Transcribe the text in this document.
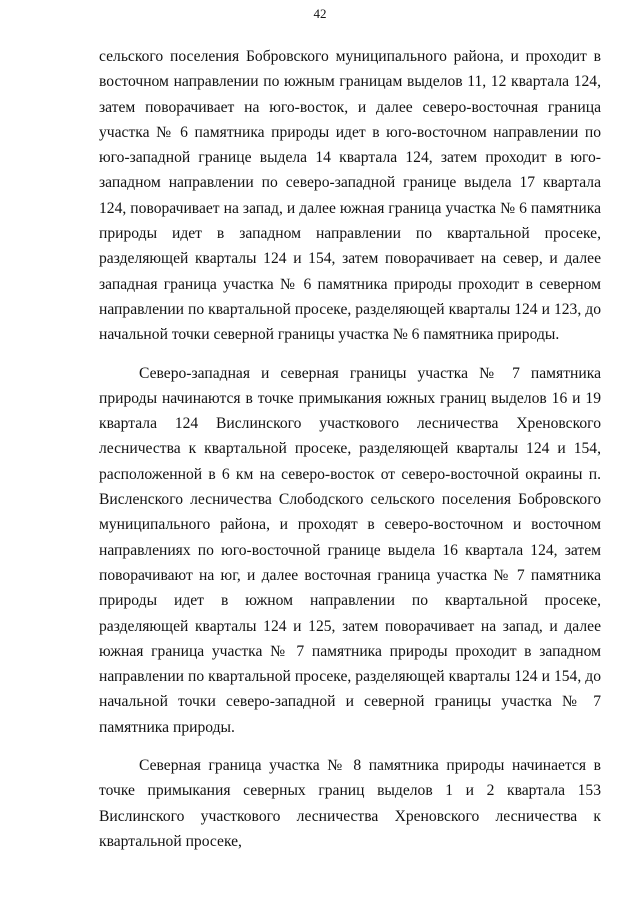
42

сельского поселения Бобровского муниципального района, и проходит в восточном направлении по южным границам выделов 11, 12 квартала 124, затем поворачивает на юго-восток, и далее северо-восточная граница участка № 6 памятника природы идет в юго-восточном направлении по юго-западной границе выдела 14 квартала 124, затем проходит в юго-западном направлении по северо-западной границе выдела 17 квартала 124, поворачивает на запад, и далее южная граница участка № 6 памятника природы идет в западном направлении по квартальной просеке, разделяющей кварталы 124 и 154, затем поворачивает на север, и далее западная граница участка № 6 памятника природы проходит в северном направлении по квартальной просеке, разделяющей кварталы 124 и 123, до начальной точки северной границы участка № 6 памятника природы.

Северо-западная и северная границы участка № 7 памятника природы начинаются в точке примыкания южных границ выделов 16 и 19 квартала 124 Вислинского участкового лесничества Хреновского лесничества к квартальной просеке, разделяющей кварталы 124 и 154, расположенной в 6 км на северо-восток от северо-восточной окраины п. Висленского лесничества Слободского сельского поселения Бобровского муниципального района, и проходят в северо-восточном и восточном направлениях по юго-восточной границе выдела 16 квартала 124, затем поворачивают на юг, и далее восточная граница участка № 7 памятника природы идет в южном направлении по квартальной просеке, разделяющей кварталы 124 и 125, затем поворачивает на запад, и далее южная граница участка № 7 памятника природы проходит в западном направлении по квартальной просеке, разделяющей кварталы 124 и 154, до начальной точки северо-западной и северной границы участка № 7 памятника природы.

Северная граница участка № 8 памятника природы начинается в точке примыкания северных границ выделов 1 и 2 квартала 153 Вислинского участкового лесничества Хреновского лесничества к квартальной просеке,
